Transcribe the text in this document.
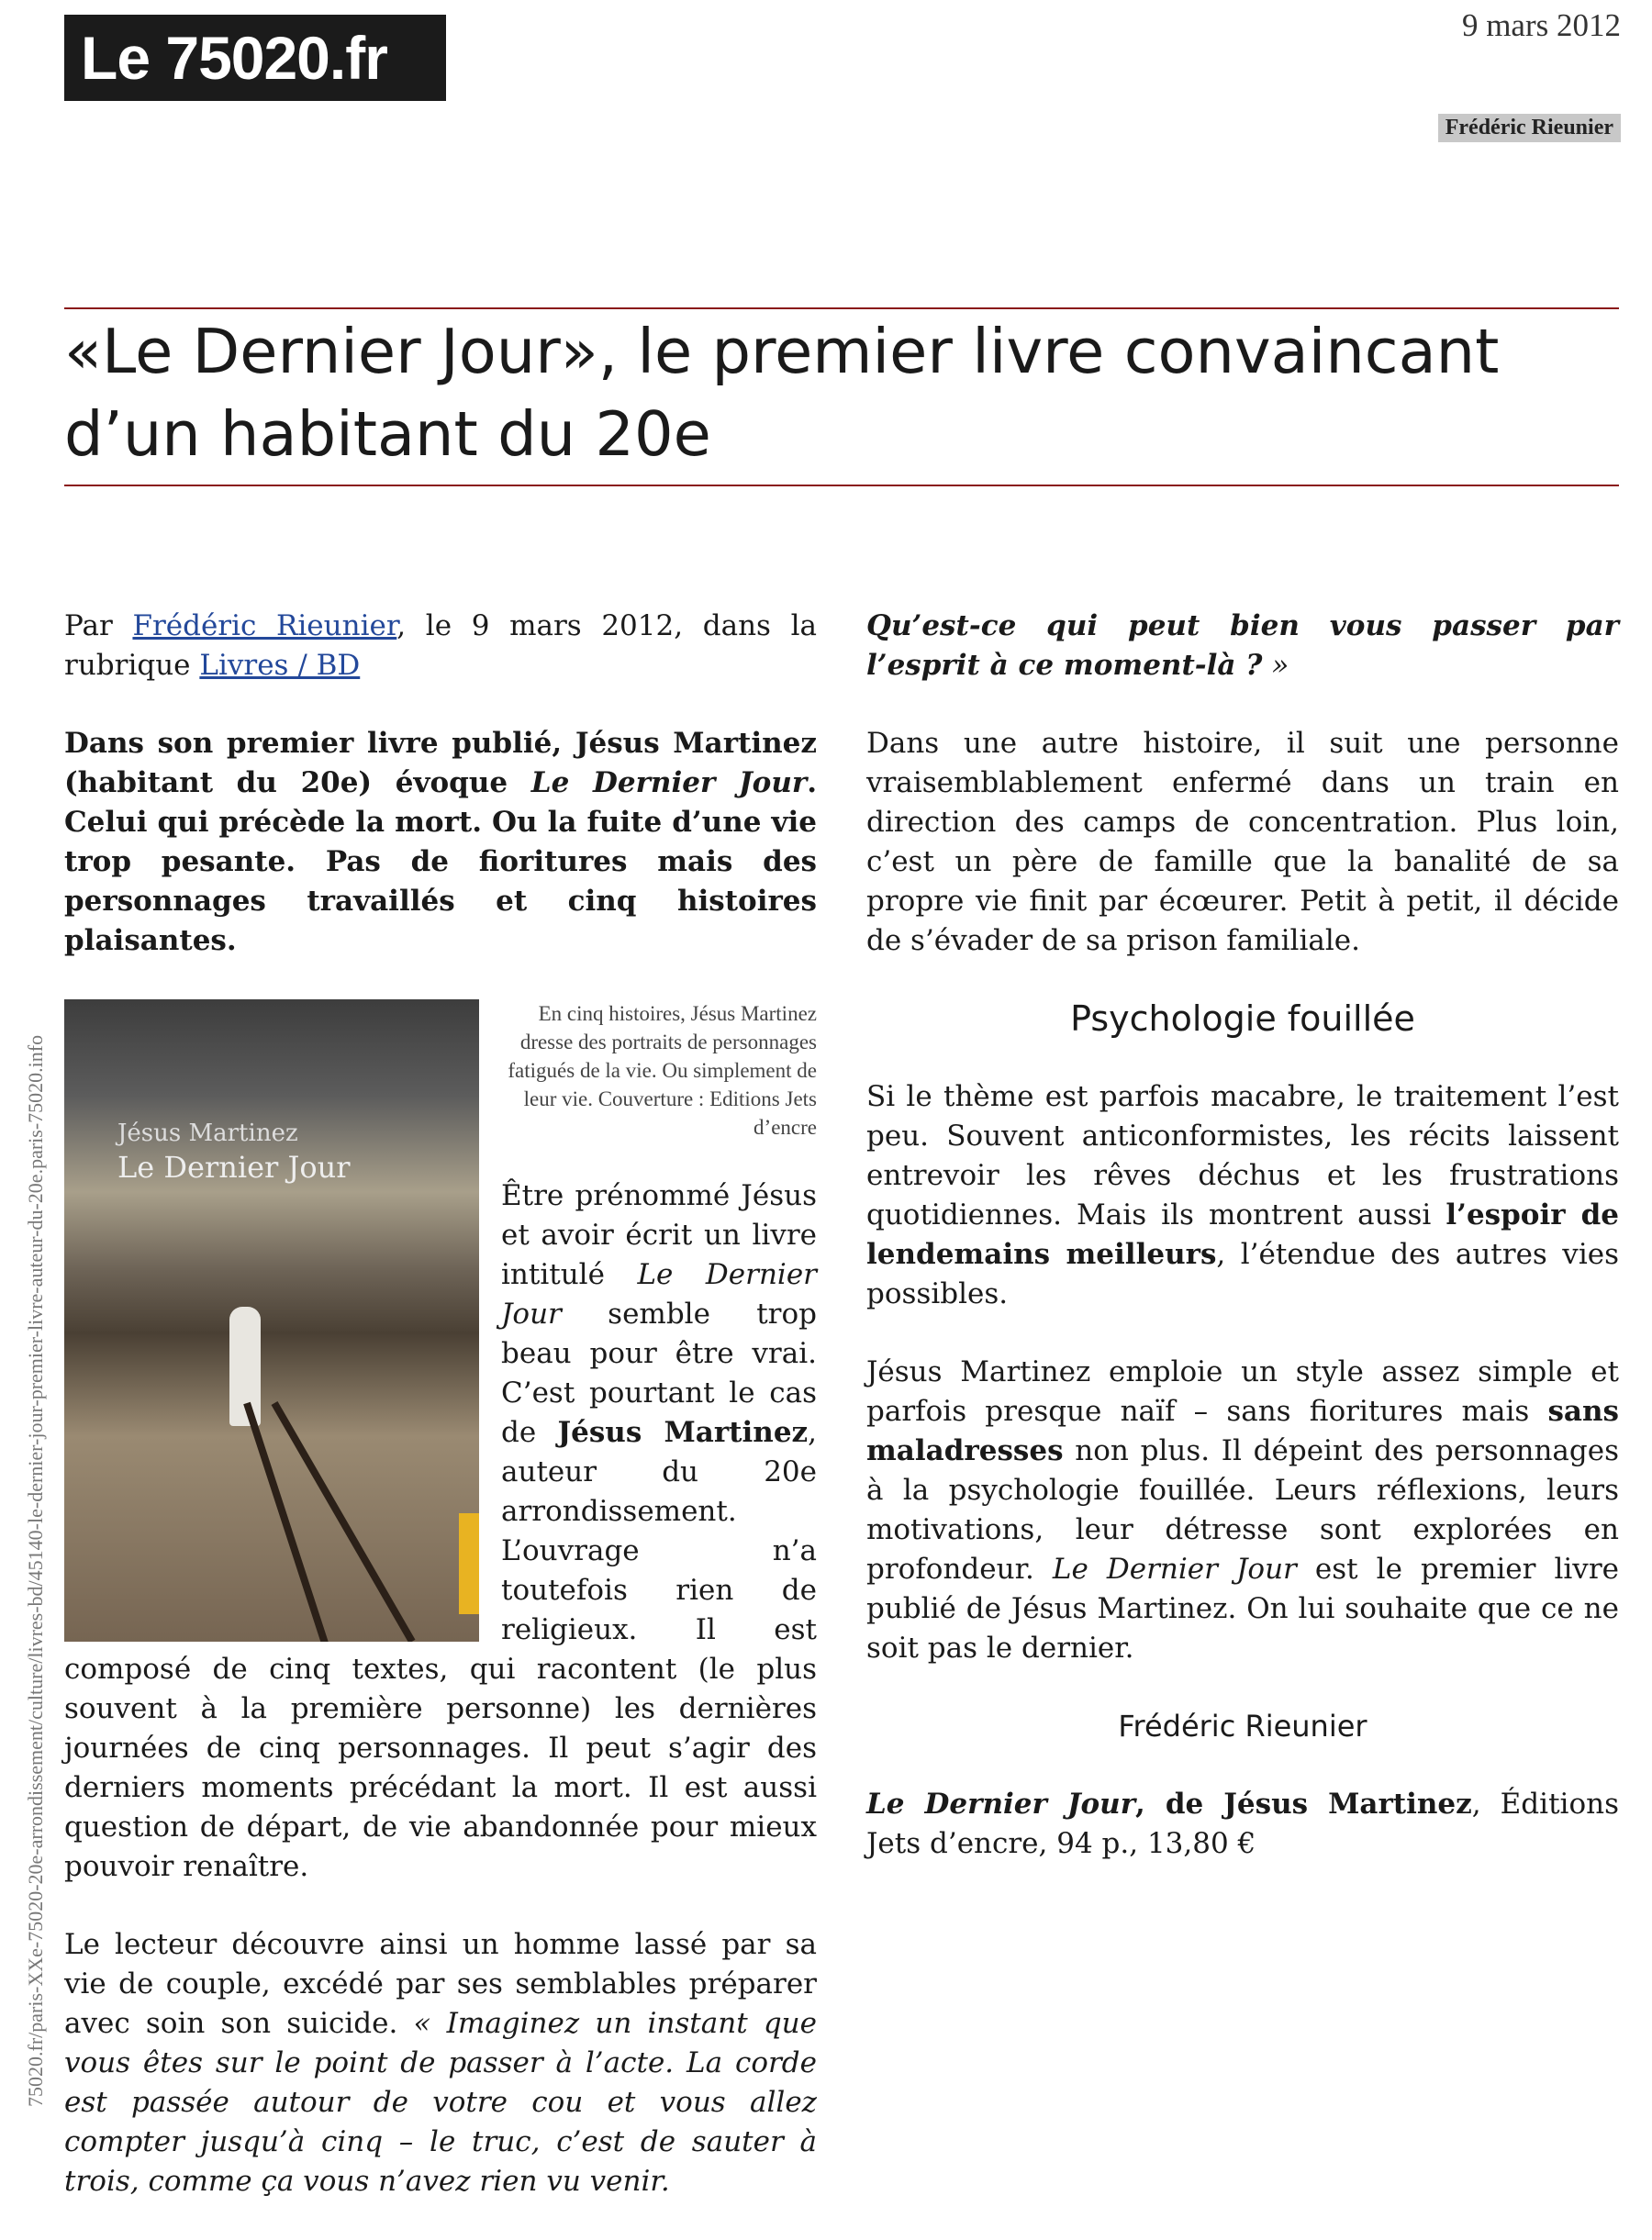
Le 75020.fr	9 mars 2012
Frédéric Rieunier
«Le Dernier Jour», le premier livre convaincant d’un habitant du 20e
75020.fr/paris-XXe-75020-20e-arrondissement/culture/livres-bd/45140-le-dernier-jour-premier-livre-auteur-du-20e.paris-75020.info

Par Frédéric Rieunier, le 9 mars 2012, dans la rubrique Livres / BD

Dans son premier livre publié, Jésus Martinez (habitant du 20e) évoque Le Dernier Jour. Celui qui précède la mort. Ou la fuite d’une vie trop pesante. Pas de fioritures mais des personnages travaillés et cinq histoires plaisantes.

Jésus Martinez
Le Dernier Jour
En cinq histoires, Jésus Martinez dresse des portraits de personnages fatigués de la vie. Ou simplement de leur vie. Couverture : Editions Jets d’encre

Être prénommé Jésus et avoir écrit un livre intitulé Le Dernier Jour semble trop beau pour être vrai. C’est pourtant le cas de Jésus Martinez, auteur du 20e arrondissement. L’ouvrage n’a toutefois rien de religieux. Il est composé de cinq textes, qui racontent (le plus souvent à la première personne) les dernières journées de cinq personnages. Il peut s’agir des derniers moments précédant la mort. Il est aussi question de départ, de vie abandonnée pour mieux pouvoir renaître.

Le lecteur découvre ainsi un homme lassé par sa vie de couple, excédé par ses semblables préparer avec soin son suicide. « Imaginez un instant que vous êtes sur le point de passer à l’acte. La corde est passée autour de votre cou et vous allez compter jusqu’à cinq – le truc, c’est de sauter à trois, comme ça vous n’avez rien vu venir.

Qu’est-ce qui peut bien vous passer par l’esprit à ce moment-là ? »

Dans une autre histoire, il suit une personne vraisemblablement enfermé dans un train en direction des camps de concentration. Plus loin, c’est un père de famille que la banalité de sa propre vie finit par écœurer. Petit à petit, il décide de s’évader de sa prison familiale.

Psychologie fouillée

Si le thème est parfois macabre, le traitement l’est peu. Souvent anticonformistes, les récits laissent entrevoir les rêves déchus et les frustrations quotidiennes. Mais ils montrent aussi l’espoir de lendemains meilleurs, l’étendue des autres vies possibles.

Jésus Martinez emploie un style assez simple et parfois presque naïf – sans fioritures mais sans maladresses non plus. Il dépeint des personnages à la psychologie fouillée. Leurs réflexions, leurs motivations, leur détresse sont explorées en profondeur. Le Dernier Jour est le premier livre publié de Jésus Martinez. On lui souhaite que ce ne soit pas le dernier.

Frédéric Rieunier

Le Dernier Jour, de Jésus Martinez, Éditions Jets d’encre, 94 p., 13,80 €
